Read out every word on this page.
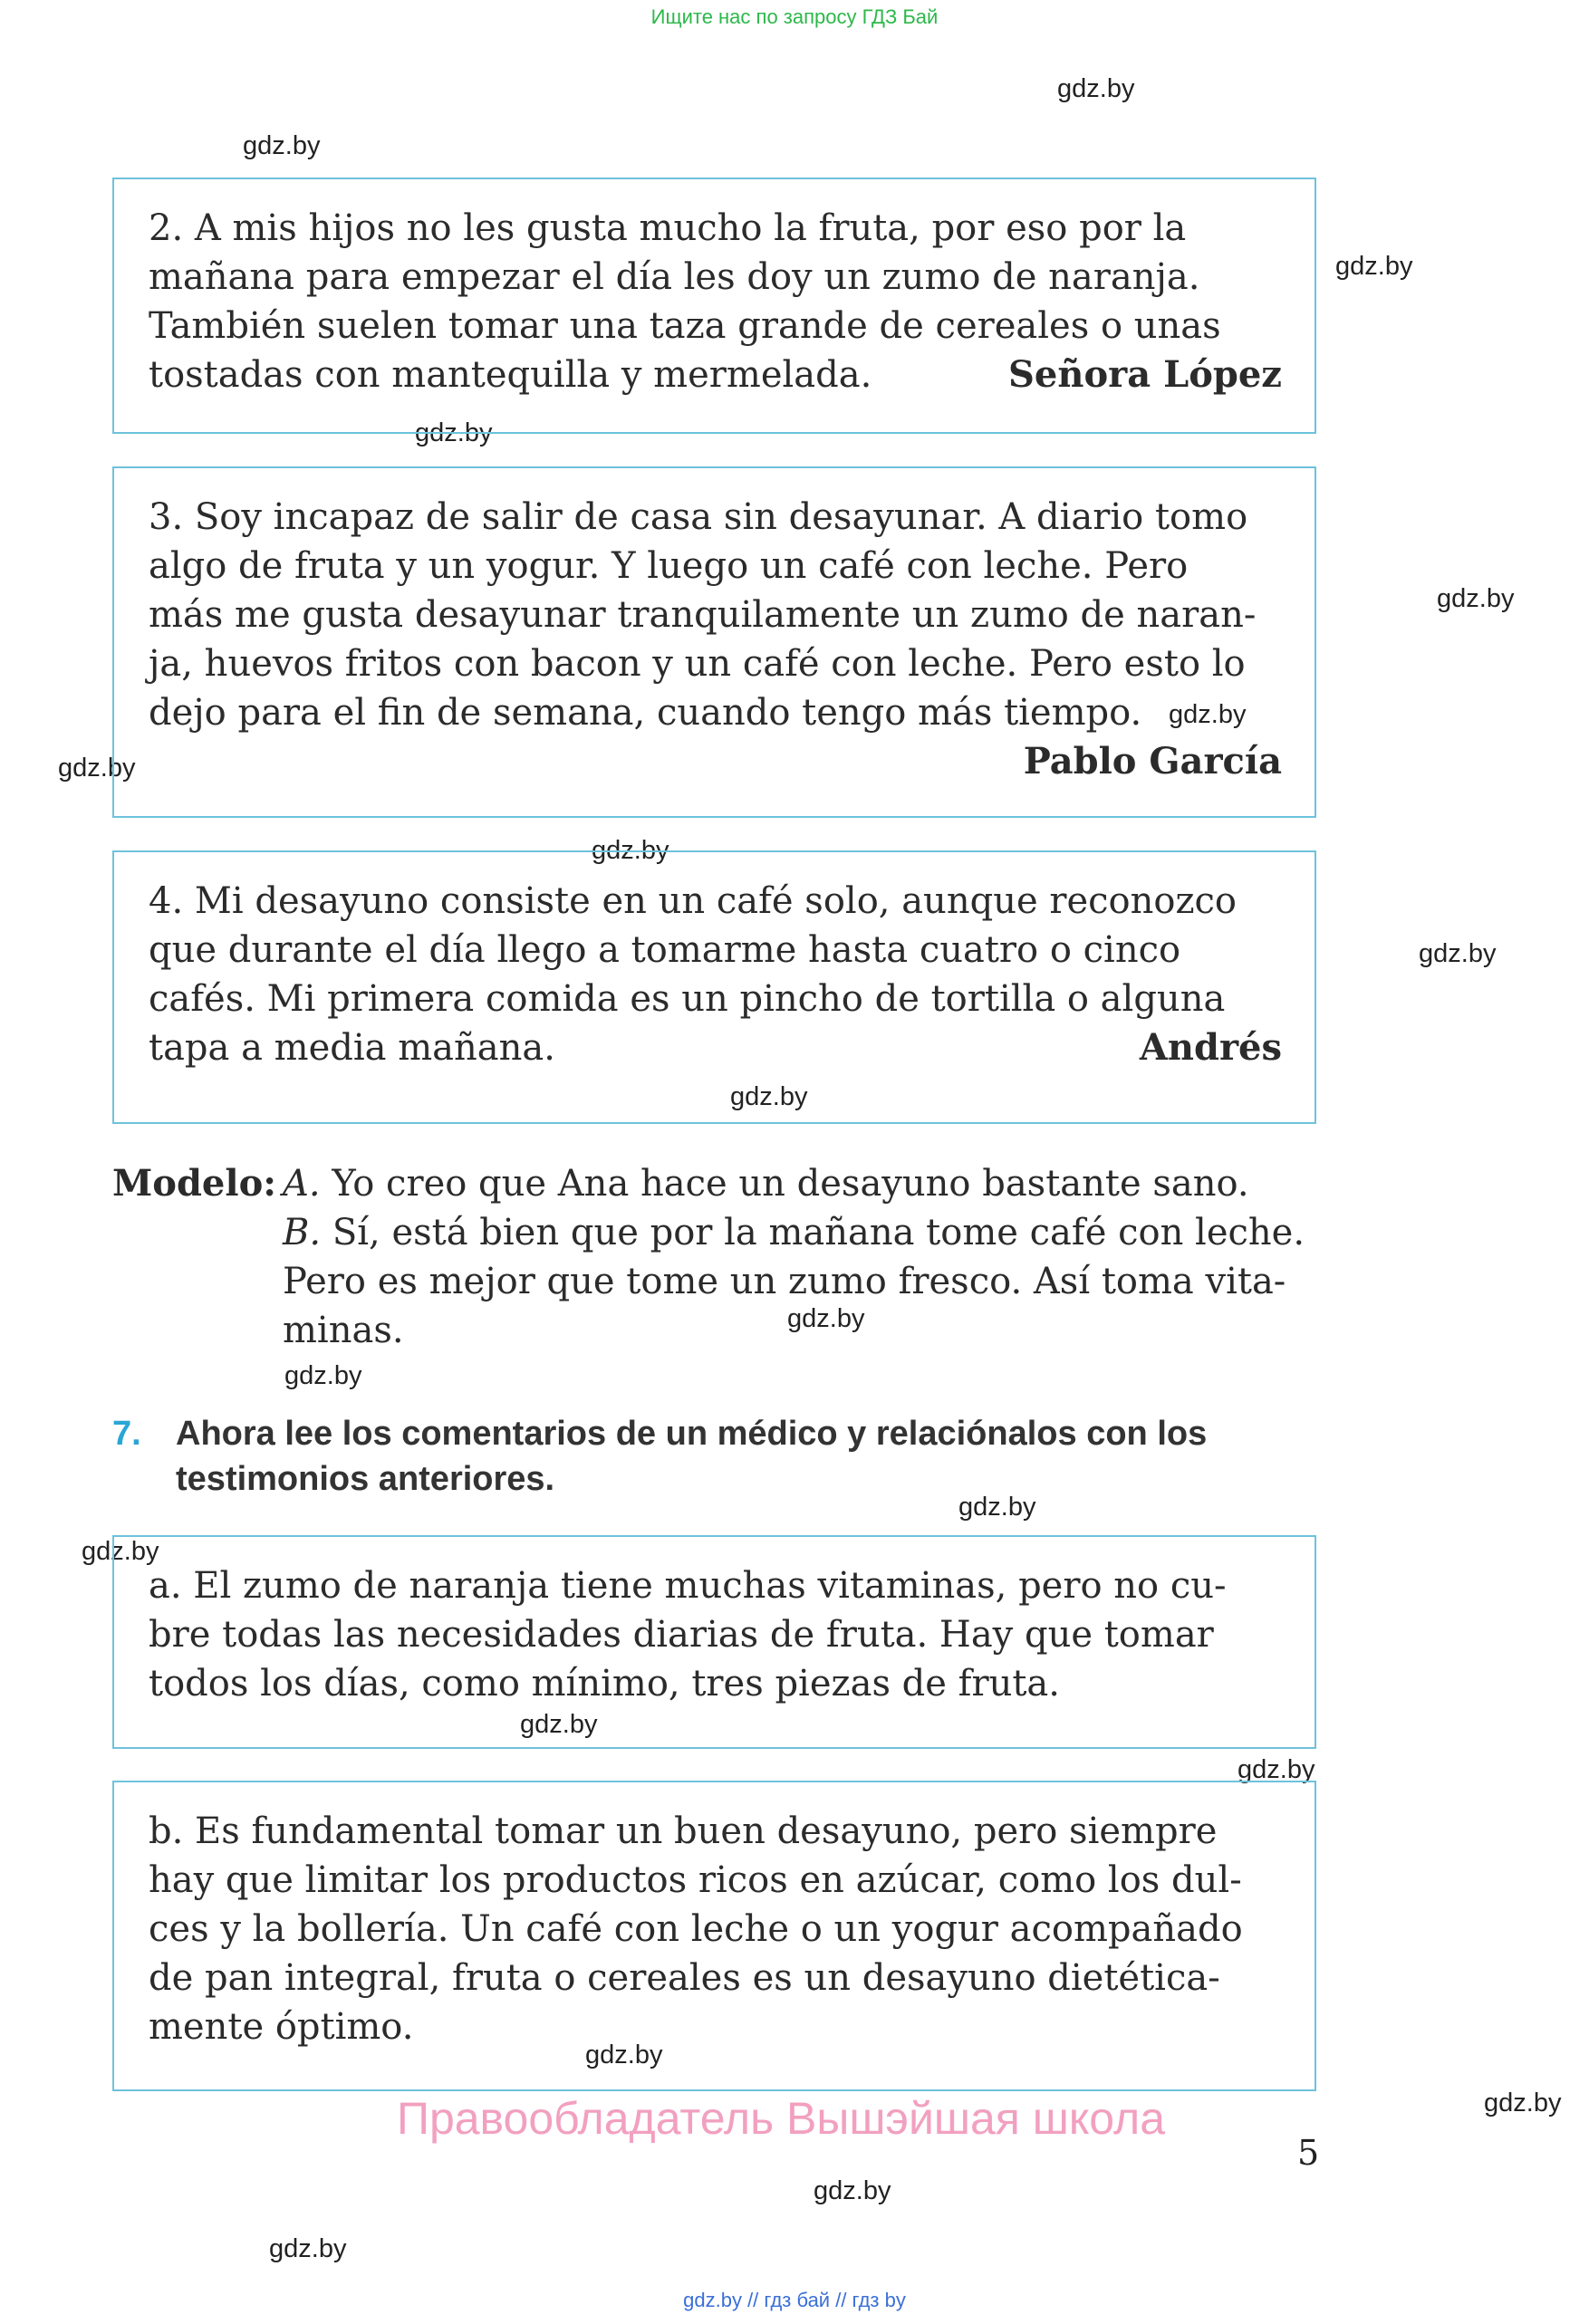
Ищите нас по запросу ГДЗ Бай
gdz.by
gdz.by
gdz.by
gdz.by
gdz.by
gdz.by
gdz.by
gdz.by
gdz.by
gdz.by
gdz.by
gdz.by
gdz.by
gdz.by
gdz.by
gdz.by
gdz.by
gdz.by
gdz.by
gdz.by

2. A mis hijos no les gusta mucho la fruta, por eso por la

mañana para empezar el día les doy un zumo de naranja.

También suelen tomar una taza grande de cereales o unas

tostadas con mantequilla y mermelada.	Señora López

3. Soy incapaz de salir de casa sin desayunar. A diario tomo

algo de fruta y un yogur. Y luego un café con leche. Pero

más me gusta desayunar tranquilamente un zumo de naran-

ja, huevos fritos con bacon y un café con leche. Pero esto lo

dejo para el fin de semana, cuando tengo más tiempo.

Pablo García

4. Mi desayuno consiste en un café solo, aunque reconozco

que durante el día llego a tomarme hasta cuatro o cinco

cafés. Mi primera comida es un pincho de tortilla o alguna

tapa a media mañana.	Andrés
Modelo: A. Yo creo que Ana hace un desayuno bastante sano.
B. Sí, está bien que por la mañana tome café con leche.
Pero es mejor que tome un zumo fresco. Así toma vita-
minas.
7. Ahora lee los comentarios de un médico y relaciónalos con los
testimonios anteriores.

a. El zumo de naranja tiene muchas vitaminas, pero no cu-

bre todas las necesidades diarias de fruta. Hay que tomar

todos los días, como mínimo, tres piezas de fruta.

b. Es fundamental tomar un buen desayuno, pero siempre

hay que limitar los productos ricos en azúcar, como los dul-

ces y la bollería. Un café con leche o un yogur acompañado

de pan integral, fruta o cereales es un desayuno dietética-

mente óptimo.

Правообладатель Вышэйшая школа
5
gdz.by // гдз бай // гдз by
